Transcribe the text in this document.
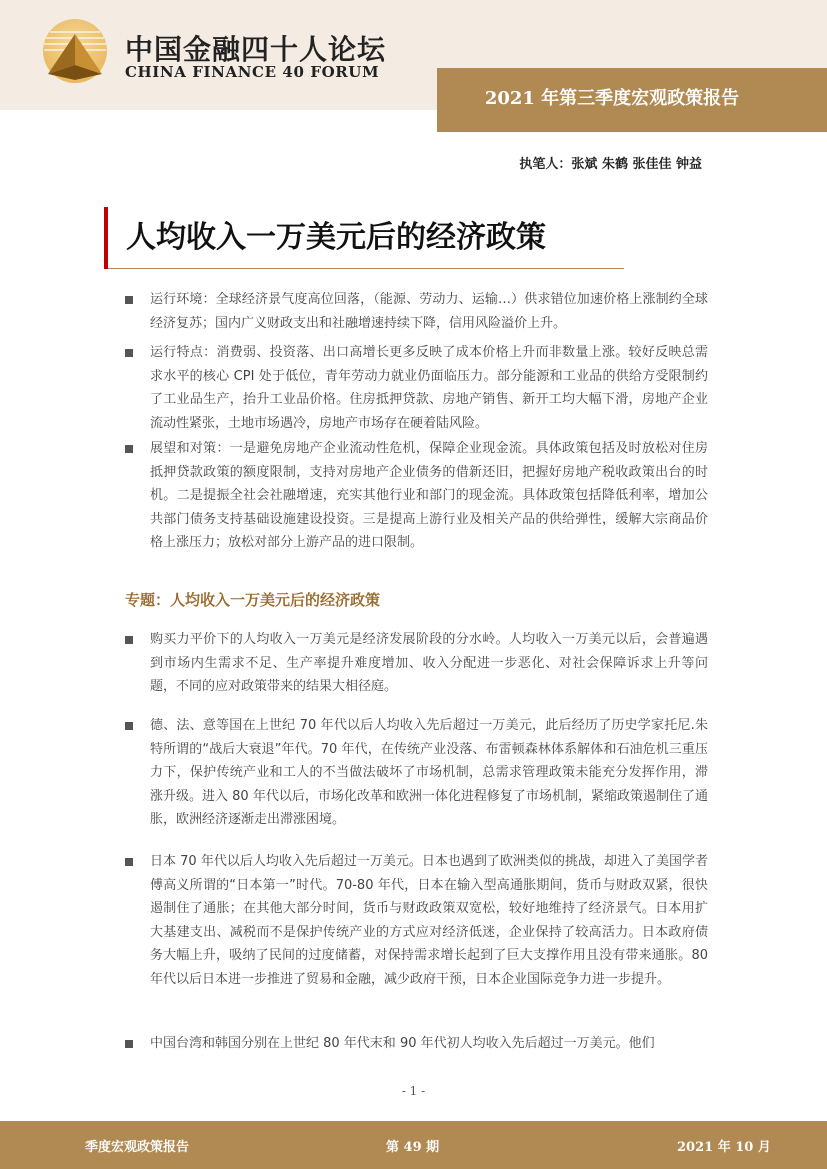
中国金融四十人论坛
CHINA FINANCE 40 FORUM
2021 年第三季度宏观政策报告
执笔人：张斌 朱鹤 张佳佳 钟益
人均收入一万美元后的经济政策
运行环境：全球经济景气度高位回落，（能源、劳动力、运输…）供求错位加速价格上涨制约全球经济复苏；国内广义财政支出和社融增速持续下降，信用风险溢价上升。
运行特点：消费弱、投资落、出口高增长更多反映了成本价格上升而非数量上涨。较好反映总需求水平的核心 CPI 处于低位，青年劳动力就业仍面临压力。部分能源和工业品的供给方受限制约了工业品生产，抬升工业品价格。住房抵押贷款、房地产销售、新开工均大幅下滑，房地产企业流动性紧张，土地市场遇冷，房地产市场存在硬着陆风险。
展望和对策：一是避免房地产企业流动性危机，保障企业现金流。具体政策包括及时放松对住房抵押贷款政策的额度限制，支持对房地产企业债务的借新还旧，把握好房地产税收政策出台的时机。二是提振全社会社融增速，充实其他行业和部门的现金流。具体政策包括降低利率，增加公共部门债务支持基础设施建设投资。三是提高上游行业及相关产品的供给弹性，缓解大宗商品价格上涨压力；放松对部分上游产品的进口限制。
专题：人均收入一万美元后的经济政策
购买力平价下的人均收入一万美元是经济发展阶段的分水岭。人均收入一万美元以后，会普遍遇到市场内生需求不足、生产率提升难度增加、收入分配进一步恶化、对社会保障诉求上升等问题，不同的应对政策带来的结果大相径庭。
德、法、意等国在上世纪 70 年代以后人均收入先后超过一万美元，此后经历了历史学家托尼.朱特所谓的“战后大衰退”年代。70 年代，在传统产业没落、布雷顿森林体系解体和石油危机三重压力下，保护传统产业和工人的不当做法破坏了市场机制，总需求管理政策未能充分发挥作用，滞涨升级。进入 80 年代以后，市场化改革和欧洲一体化进程修复了市场机制，紧缩政策遏制住了通胀，欧洲经济逐渐走出滞涨困境。
日本 70 年代以后人均收入先后超过一万美元。日本也遇到了欧洲类似的挑战，却进入了美国学者傅高义所谓的“日本第一”时代。70-80 年代，日本在输入型高通胀期间，货币与财政双紧，很快遏制住了通胀；在其他大部分时间，货币与财政政策双宽松，较好地维持了经济景气。日本用扩大基建支出、减税而不是保护传统产业的方式应对经济低迷，企业保持了较高活力。日本政府债务大幅上升，吸纳了民间的过度储蓄，对保持需求增长起到了巨大支撑作用且没有带来通胀。80 年代以后日本进一步推进了贸易和金融，减少政府干预，日本企业国际竞争力进一步提升。
中国台湾和韩国分别在上世纪 80 年代末和 90 年代初人均收入先后超过一万美元。他们
- 1 -
季度宏观政策报告	第 49 期	2021 年 10 月
